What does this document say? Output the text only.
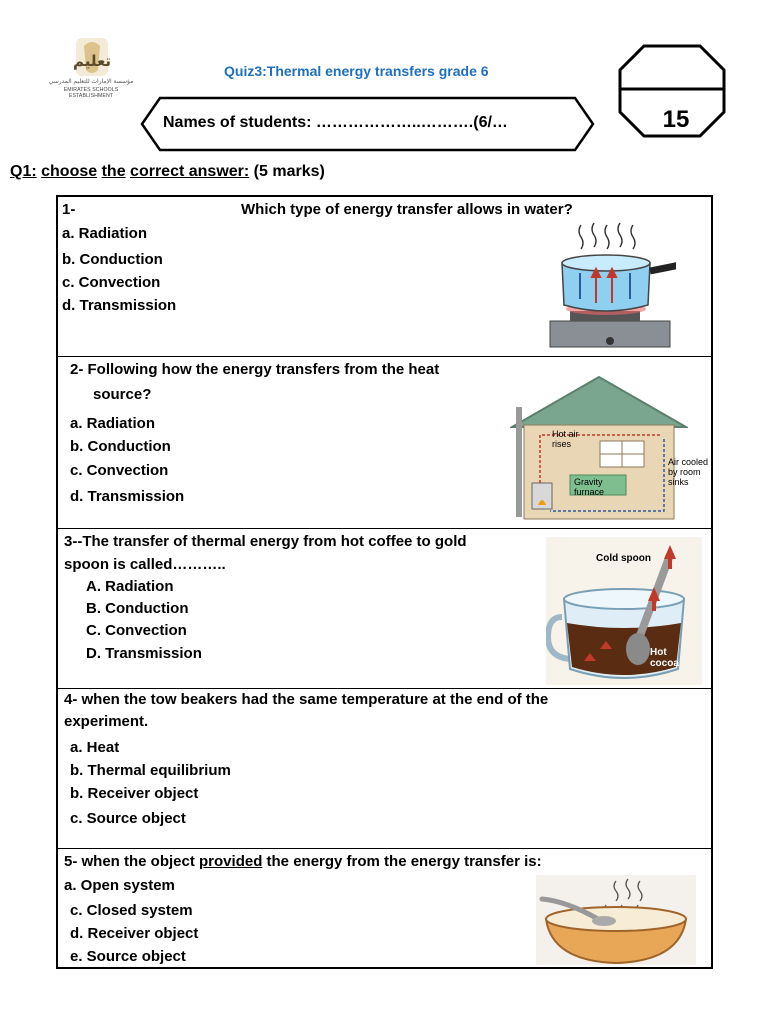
تعليم
مؤسسة الإمارات للتعليم المدرسي
EMIRATES SCHOOLS ESTABLISHMENT
Quiz3:Thermal energy transfers grade 6
Names of students: ………………..……….(6/…	15
Q1: choose the correct answer: (5 marks)
1-	Which type of energy transfer allows in water?
a. Radiation
b. Conduction
c. Convection
d. Transmission
2- Following how the energy transfers from the heat
source?
a. Radiation
b. Conduction
c. Convection
d. Transmission
Hot air rises
Air cooled by room sinks
Gravity furnace
3--The transfer of thermal energy from hot coffee to gold
spoon is called………..
A. Radiation
B. Conduction
C. Convection
D. Transmission
Cold spoon
Hot cocoa
4- when the tow beakers had the same temperature at the end of the
experiment.
a. Heat
b. Thermal equilibrium
b. Receiver object
c. Source object
5- when the object provided the energy from the energy transfer is:
a. Open system
c. Closed system
d. Receiver object
e. Source object
